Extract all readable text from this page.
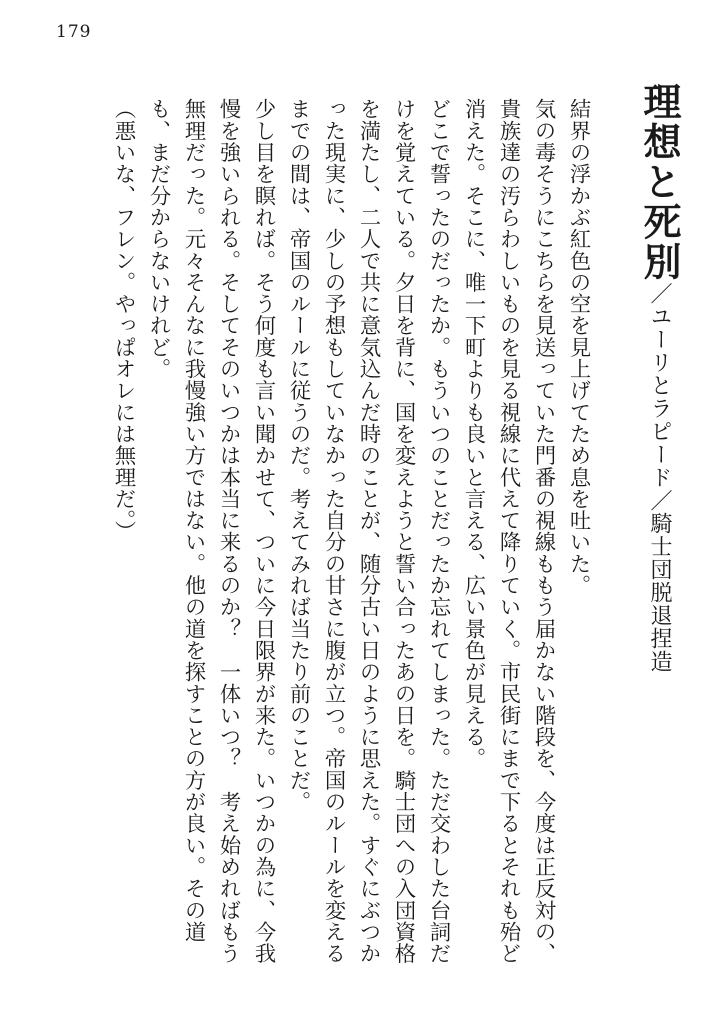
179
理想と死別／ユーリとラピード／騎士団脱退捏造

結界の浮かぶ紅色の空を見上げてため息を吐いた。

気の毒そうにこちらを見送っていた門番の視線ももう届かない階段を、今度は正反対の、貴族達の汚らわしいものを見る視線に代えて降りていく。市民街にまで下るとそれも殆ど消えた。そこに、唯一下町よりも良いと言える、広い景色が見える。

どこで誓ったのだったか。もういつのことだったか忘れてしまった。ただ交わした台詞だけを覚えている。夕日を背に、国を変えようと誓い合ったあの日を。騎士団への入団資格を満たし、二人で共に意気込んだ時のことが、随分古い日のように思えた。すぐにぶつかった現実に、少しの予想もしていなかった自分の甘さに腹が立つ。帝国のルールを変えるまでの間は、帝国のルールに従うのだ。考えてみれば当たり前のことだ。

少し目を瞑れば。そう何度も言い聞かせて、ついに今日限界が来た。いつかの為に、今我慢を強いられる。そしてそのいつかは本当に来るのか？　一体いつ？　考え始めればもう無理だった。元々そんなに我慢強い方ではない。他の道を探すことの方が良い。その道も、まだ分からないけれど。

（悪いな、フレン。やっぱオレには無理だ。）
